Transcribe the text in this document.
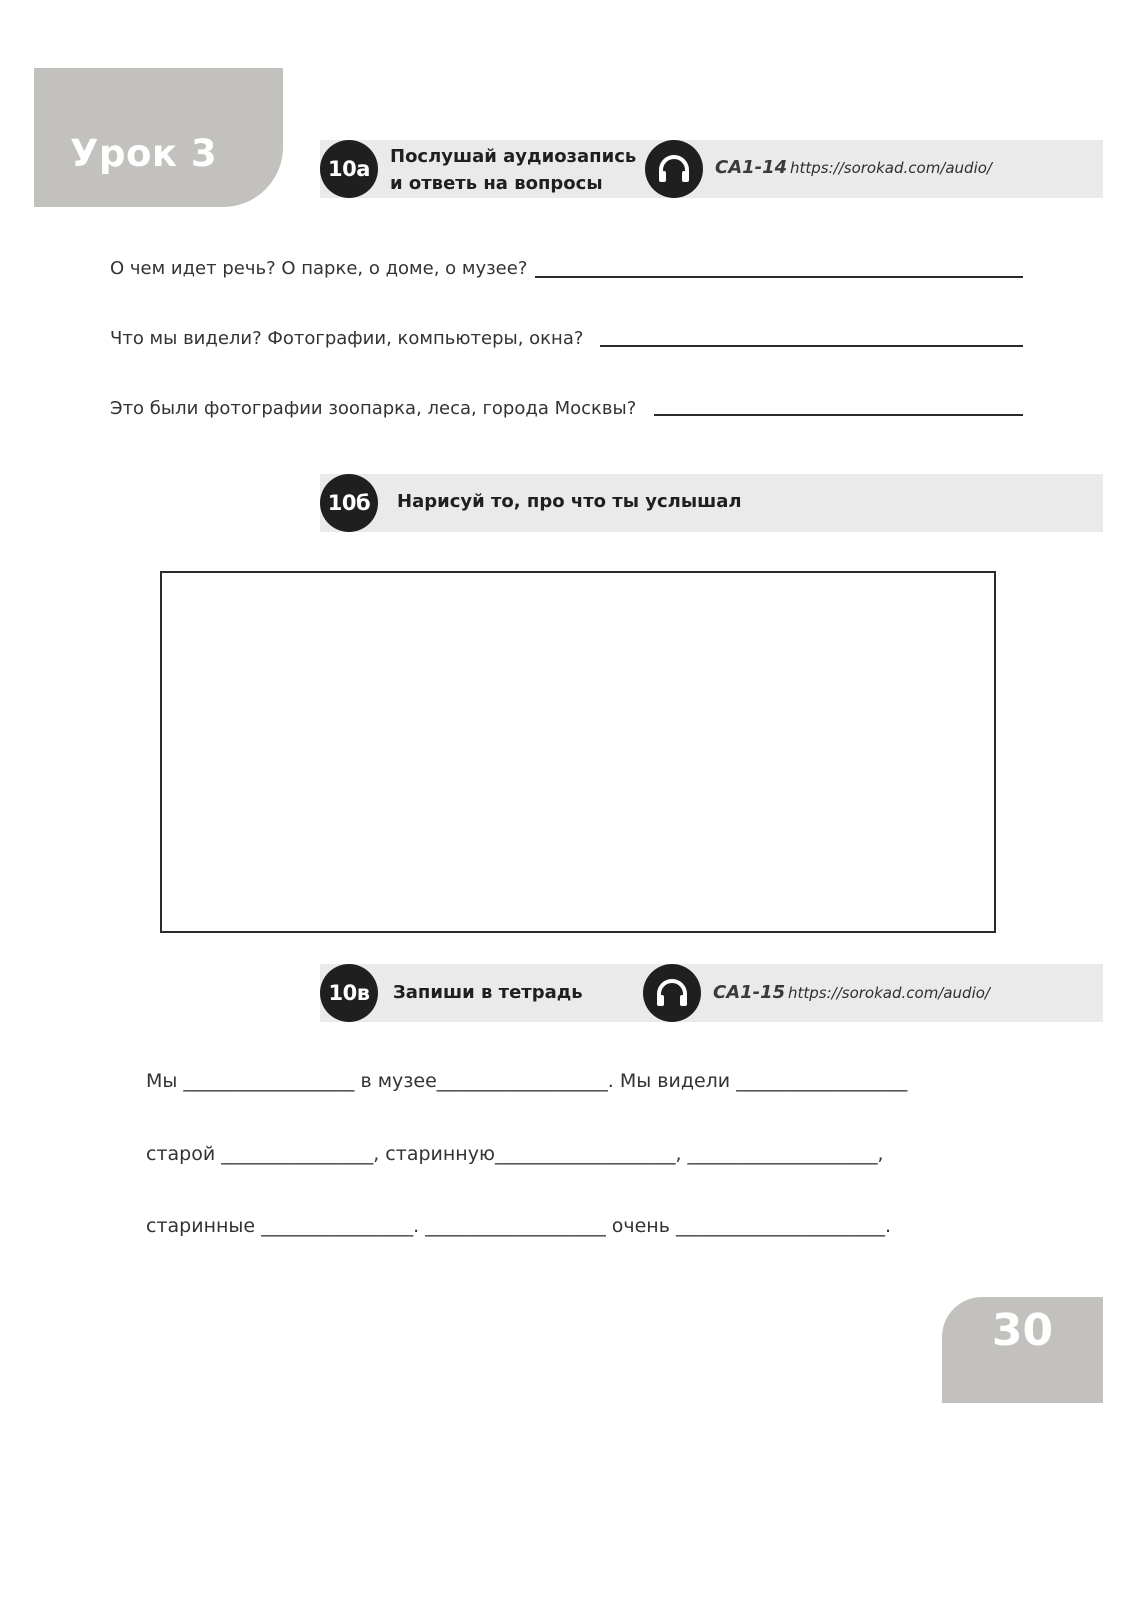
Урок 3	10а
Послушай аудиозапись
и ответь на вопросы
CA1-14 https://sorokad.com/audio/
О чем идет речь? О парке, о доме, о музее?
Что мы видели? Фотографии, компьютеры, окна?
Это были фотографии зоопарка, леса, города Москвы?
10б	Нарисуй то, про что ты услышал
10в	Запиши в тетрадь	CA1-15 https://sorokad.com/audio/
Мы __________________ в музее__________________. Мы видели __________________
старой ________________, старинную___________________, ____________________,
старинные ________________. ___________________ очень ______________________.
30
